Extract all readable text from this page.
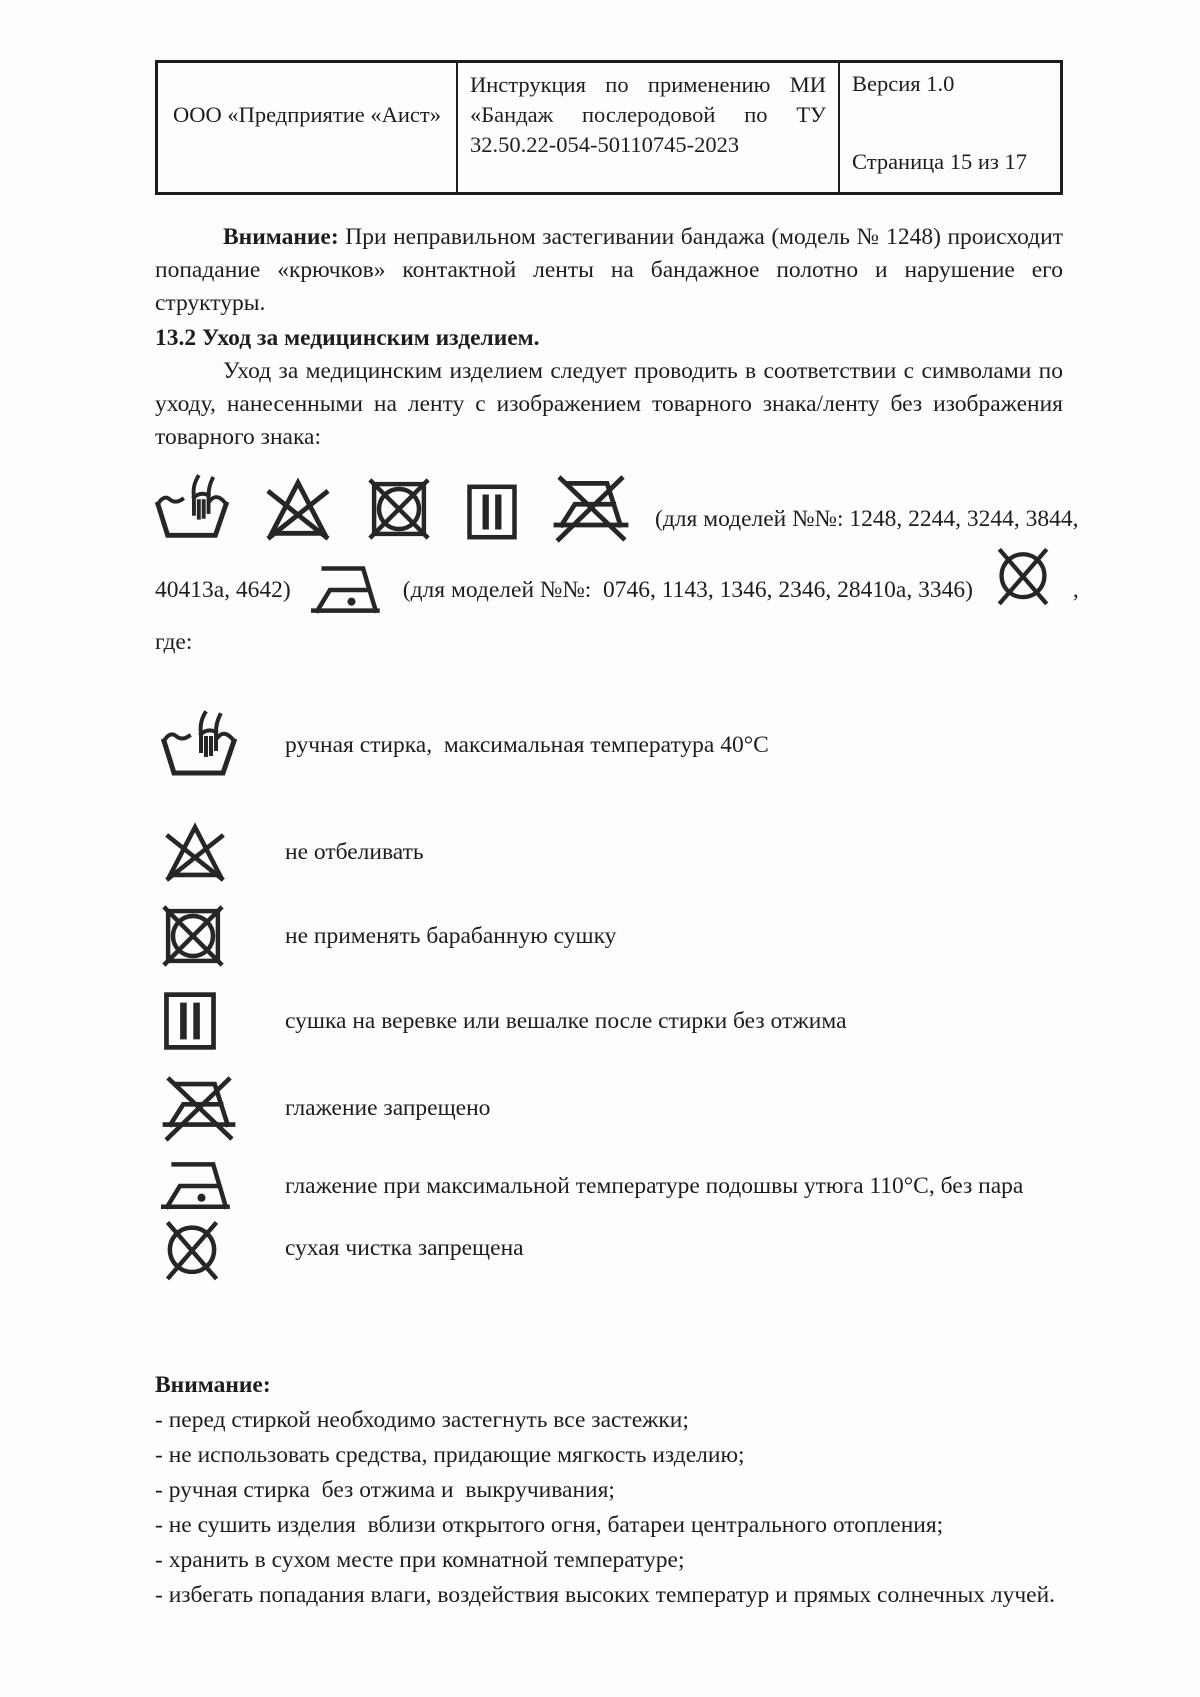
ООО «Предприятие «Аист»
Инструкция по применению МИ «Бандаж послеродовой по ТУ 32.50.22-054-50110745-2023
Версия 1.0
Страница 15 из 17

Внимание: При неправильном застегивании бандажа (модель № 1248) происходит попадание «крючков» контактной ленты на бандажное полотно и нарушение его структуры.

13.2 Уход за медицинским изделием.

Уход за медицинским изделием следует проводить в соответствии с символами по уходу, нанесенными на ленту с изображением товарного знака/ленту без изображения товарного знака:

(для моделей №№: 1248, 2244, 3244, 3844,
40413а, 4642)	(для моделей №№:  0746, 1143, 1346, 2346, 28410а, 3346)	,
где:
ручная стирка,  максимальная температура 40°С
не отбеливать
не применять барабанную сушку
сушка на веревке или вешалке после стирки без отжима
глажение запрещено
глажение при максимальной температуре подошвы утюга 110°С, без пара
сухая чистка запрещена
Внимание:
- перед стиркой необходимо застегнуть все застежки;
- не использовать средства, придающие мягкость изделию;
- ручная стирка  без отжима и  выкручивания;
- не сушить изделия  вблизи открытого огня, батареи центрального отопления;
- хранить в сухом месте при комнатной температуре;
- избегать попадания влаги, воздействия высоких температур и прямых солнечных лучей.
